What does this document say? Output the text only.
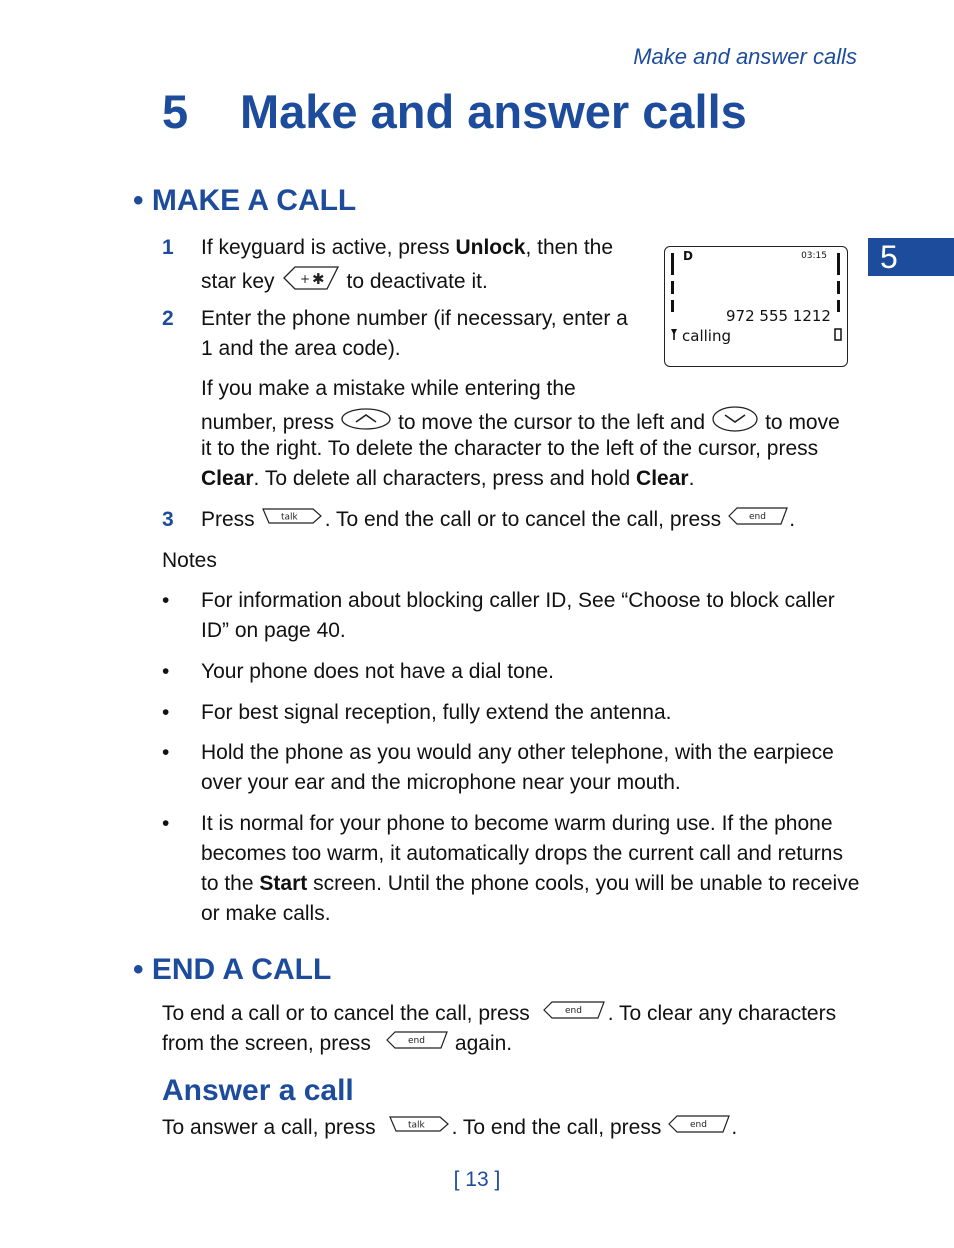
Make and answer calls
5 Make and answer calls
5
• MAKE A CALL
1 If keyguard is active, press Unlock, then the
star key + ✱ to deactivate it.
2 Enter the phone number (if necessary, enter a
1 and the area code).
D	03:15
972 555 1212
calling
If you make a mistake while entering the
number, press	to move the cursor to the left and	to move
it to the right. To delete the character to the left of the cursor, press
Clear. To delete all characters, press and hold Clear.
3 Press	talk . To end the call or to cancel the call, press	end .
Notes
• For information about blocking caller ID, See “Choose to block caller
ID” on page 40.
• Your phone does not have a dial tone.
• For best signal reception, fully extend the antenna.
• Hold the phone as you would any other telephone, with the earpiece
over your ear and the microphone near your mouth.
• It is normal for your phone to become warm during use. If the phone
becomes too warm, it automatically drops the current call and returns
to the Start screen. Until the phone cools, you will be unable to receive
or make calls.
• END A CALL
To end a call or to cancel the call, press	end . To clear any characters
from the screen, press	end again.
Answer a call
To answer a call, press	talk . To end the call, press	end .
[ 13 ]
